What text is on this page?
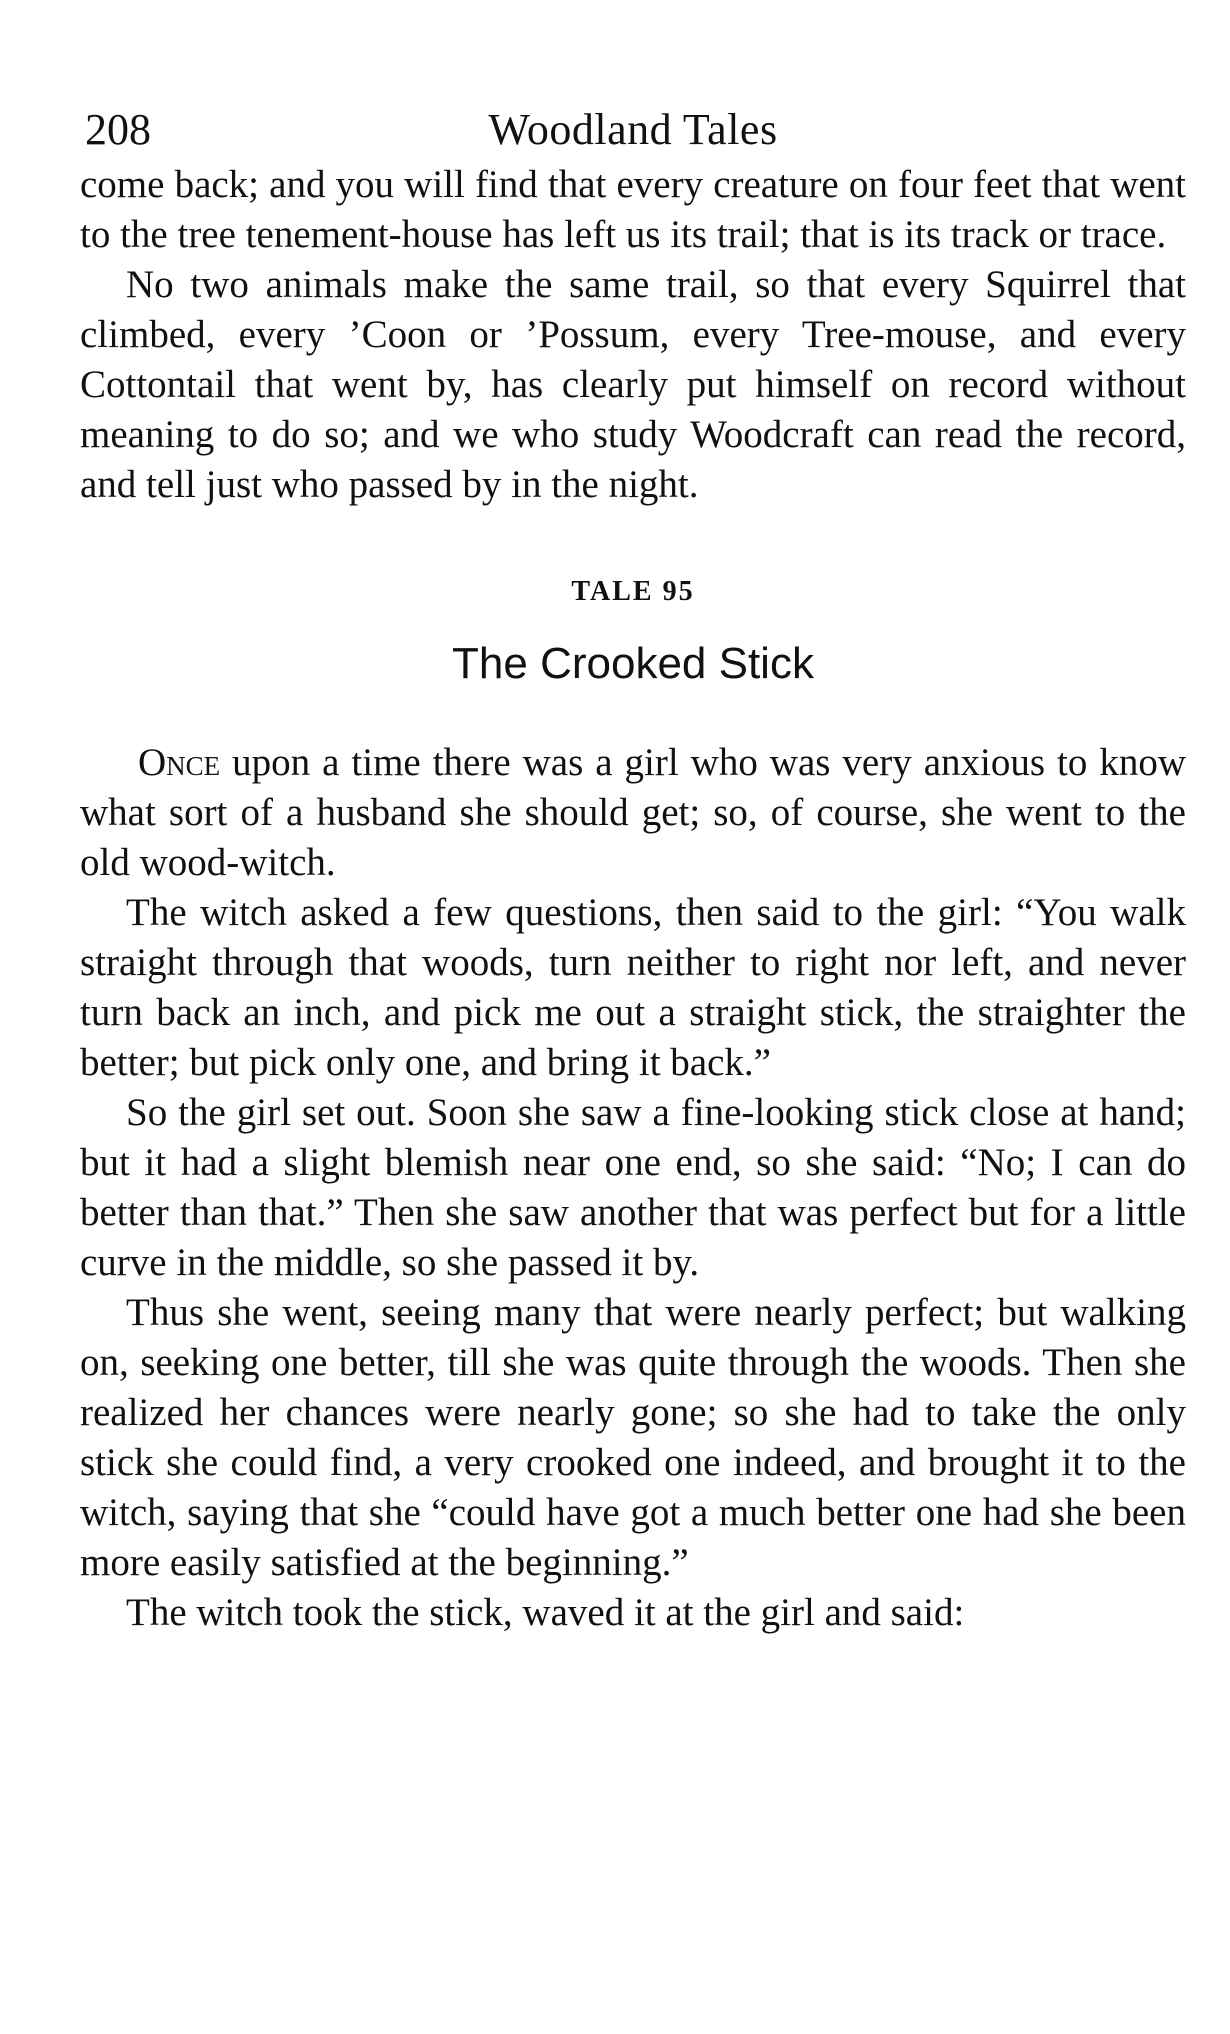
208	Woodland Tales

come back; and you will find that every creature on four feet that went to the tree tenement-house has left us its trail; that is its track or trace.

No two animals make the same trail, so that every Squirrel that climbed, every ’Coon or ’Possum, every Tree-mouse, and every Cottontail that went by, has clearly put himself on record without meaning to do so; and we who study Woodcraft can read the record, and tell just who passed by in the night.

TALE 95
The Crooked Stick

Once upon a time there was a girl who was very anxious to know what sort of a husband she should get; so, of course, she went to the old wood-witch.

The witch asked a few questions, then said to the girl: “You walk straight through that woods, turn neither to right nor left, and never turn back an inch, and pick me out a straight stick, the straighter the better; but pick only one, and bring it back.”

So the girl set out. Soon she saw a fine-looking stick close at hand; but it had a slight blemish near one end, so she said: “No; I can do better than that.” Then she saw another that was perfect but for a little curve in the middle, so she passed it by.

Thus she went, seeing many that were nearly perfect; but walking on, seeking one better, till she was quite through the woods. Then she realized her chances were nearly gone; so she had to take the only stick she could find, a very crooked one indeed, and brought it to the witch, saying that she “could have got a much better one had she been more easily satisfied at the beginning.”

The witch took the stick, waved it at the girl and said:
